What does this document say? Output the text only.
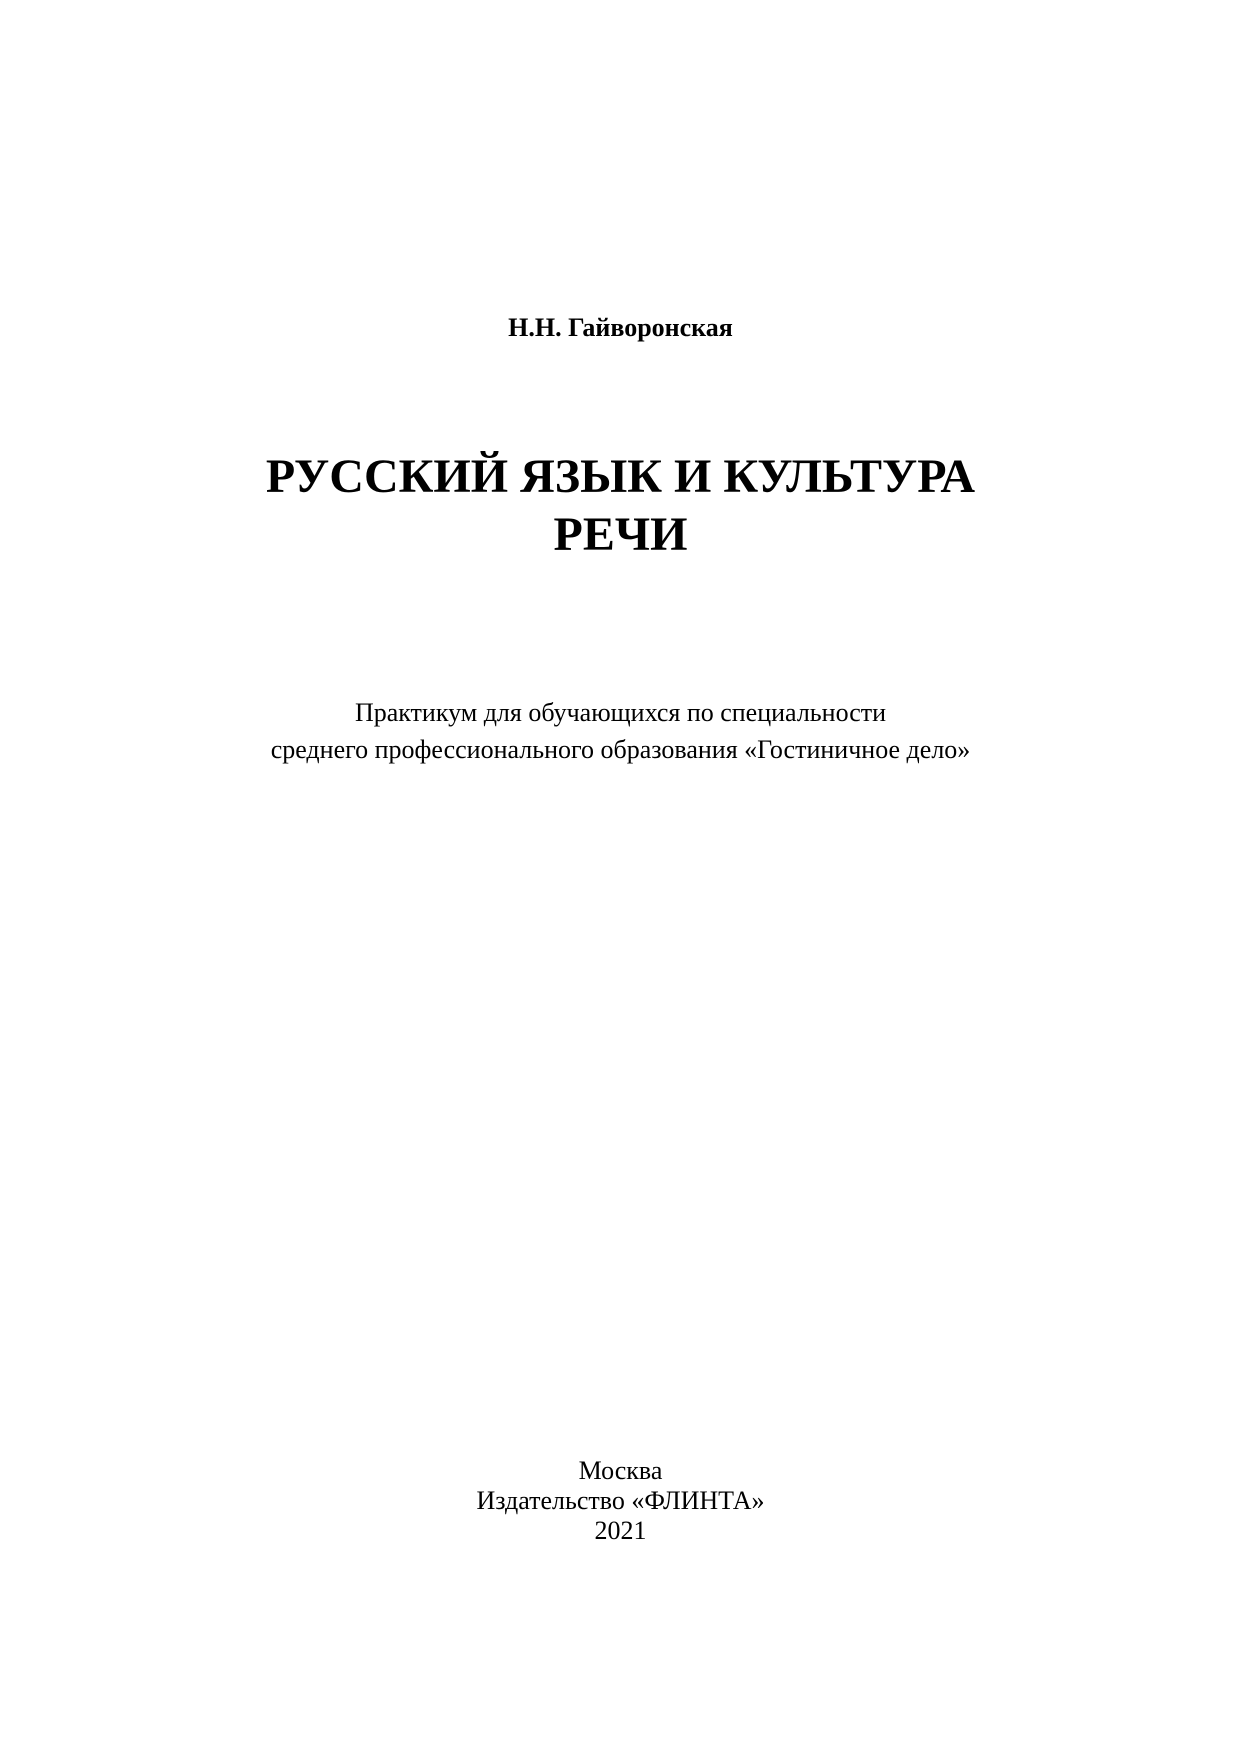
Н.Н. Гайворонская
РУССКИЙ ЯЗЫК И КУЛЬТУРА
РЕЧИ
Практикум для обучающихся по специальности
среднего профессионального образования «Гостиничное дело»
Москва
Издательство «ФЛИНТА»
2021
